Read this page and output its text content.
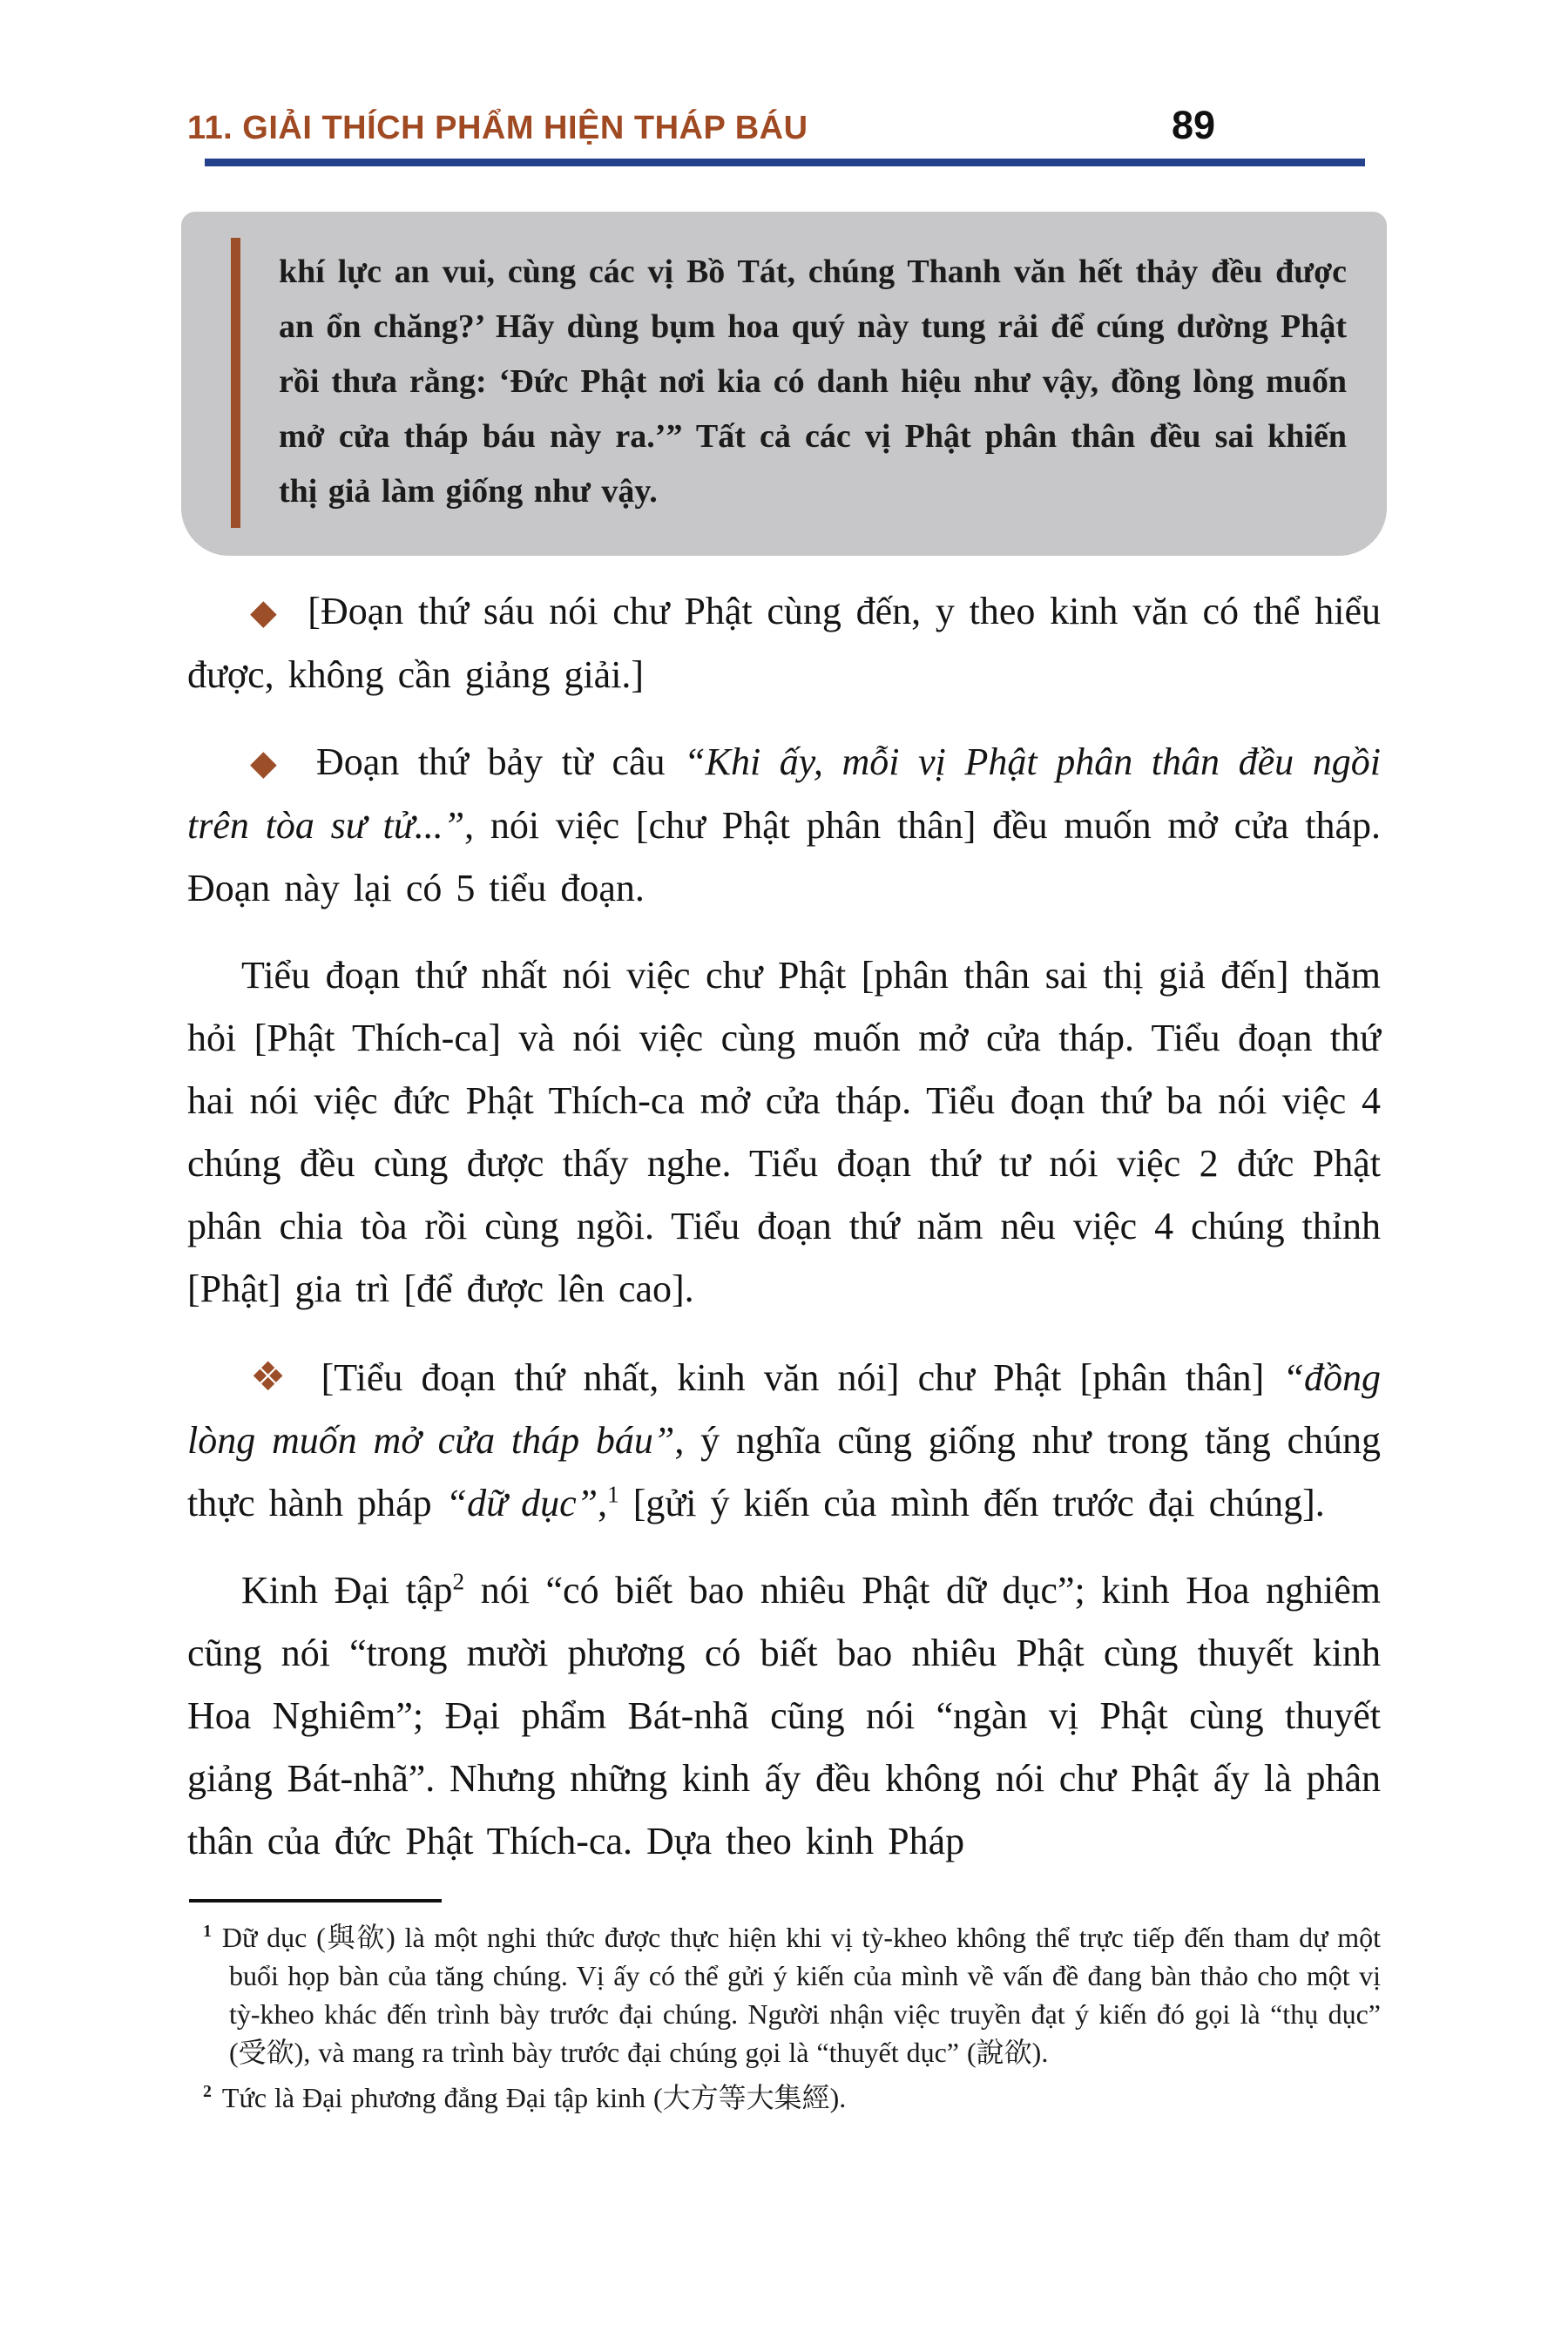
11. GIẢI THÍCH PHẨM HIỆN THÁP BÁU	89

khí lực an vui, cùng các vị Bồ Tát, chúng Thanh văn hết thảy đều được an ổn chăng?’ Hãy dùng bụm hoa quý này tung rải để cúng dường Phật rồi thưa rằng: ‘Đức Phật nơi kia có danh hiệu như vậy, đồng lòng muốn mở cửa tháp báu này ra.’” Tất cả các vị Phật phân thân đều sai khiến thị giả làm giống như vậy.

◆ [Đoạn thứ sáu nói chư Phật cùng đến, y theo kinh văn có thể hiểu được, không cần giảng giải.]

◆ Đoạn thứ bảy từ câu “Khi ấy, mỗi vị Phật phân thân đều ngồi trên tòa sư tử...”, nói việc [chư Phật phân thân] đều muốn mở cửa tháp. Đoạn này lại có 5 tiểu đoạn.

Tiểu đoạn thứ nhất nói việc chư Phật [phân thân sai thị giả đến] thăm hỏi [Phật Thích-ca] và nói việc cùng muốn mở cửa tháp. Tiểu đoạn thứ hai nói việc đức Phật Thích-ca mở cửa tháp. Tiểu đoạn thứ ba nói việc 4 chúng đều cùng được thấy nghe. Tiểu đoạn thứ tư nói việc 2 đức Phật phân chia tòa rồi cùng ngồi. Tiểu đoạn thứ năm nêu việc 4 chúng thỉnh [Phật] gia trì [để được lên cao].

❖ [Tiểu đoạn thứ nhất, kinh văn nói] chư Phật [phân thân] “đồng lòng muốn mở cửa tháp báu”, ý nghĩa cũng giống như trong tăng chúng thực hành pháp “dữ dục”,$^1$ [gửi ý kiến của mình đến trước đại chúng].

Kinh Đại tập$^2$ nói “có biết bao nhiêu Phật dữ dục”; kinh Hoa nghiêm cũng nói “trong mười phương có biết bao nhiêu Phật cùng thuyết kinh Hoa Nghiêm”; Đại phẩm Bát-nhã cũng nói “ngàn vị Phật cùng thuyết giảng Bát-nhã”. Nhưng những kinh ấy đều không nói chư Phật ấy là phân thân của đức Phật Thích-ca. Dựa theo kinh Pháp

$^1$ Dữ dục (與欲) là một nghi thức được thực hiện khi vị tỳ-kheo không thể trực tiếp đến tham dự một buổi họp bàn của tăng chúng. Vị ấy có thể gửi ý kiến của mình về vấn đề đang bàn thảo cho một vị tỳ-kheo khác đến trình bày trước đại chúng. Người nhận việc truyền đạt ý kiến đó gọi là “thụ dục” (受欲), và mang ra trình bày trước đại chúng gọi là “thuyết dục” (說欲).

$^2$ Tức là Đại phương đẳng Đại tập kinh (大方等大集經).
